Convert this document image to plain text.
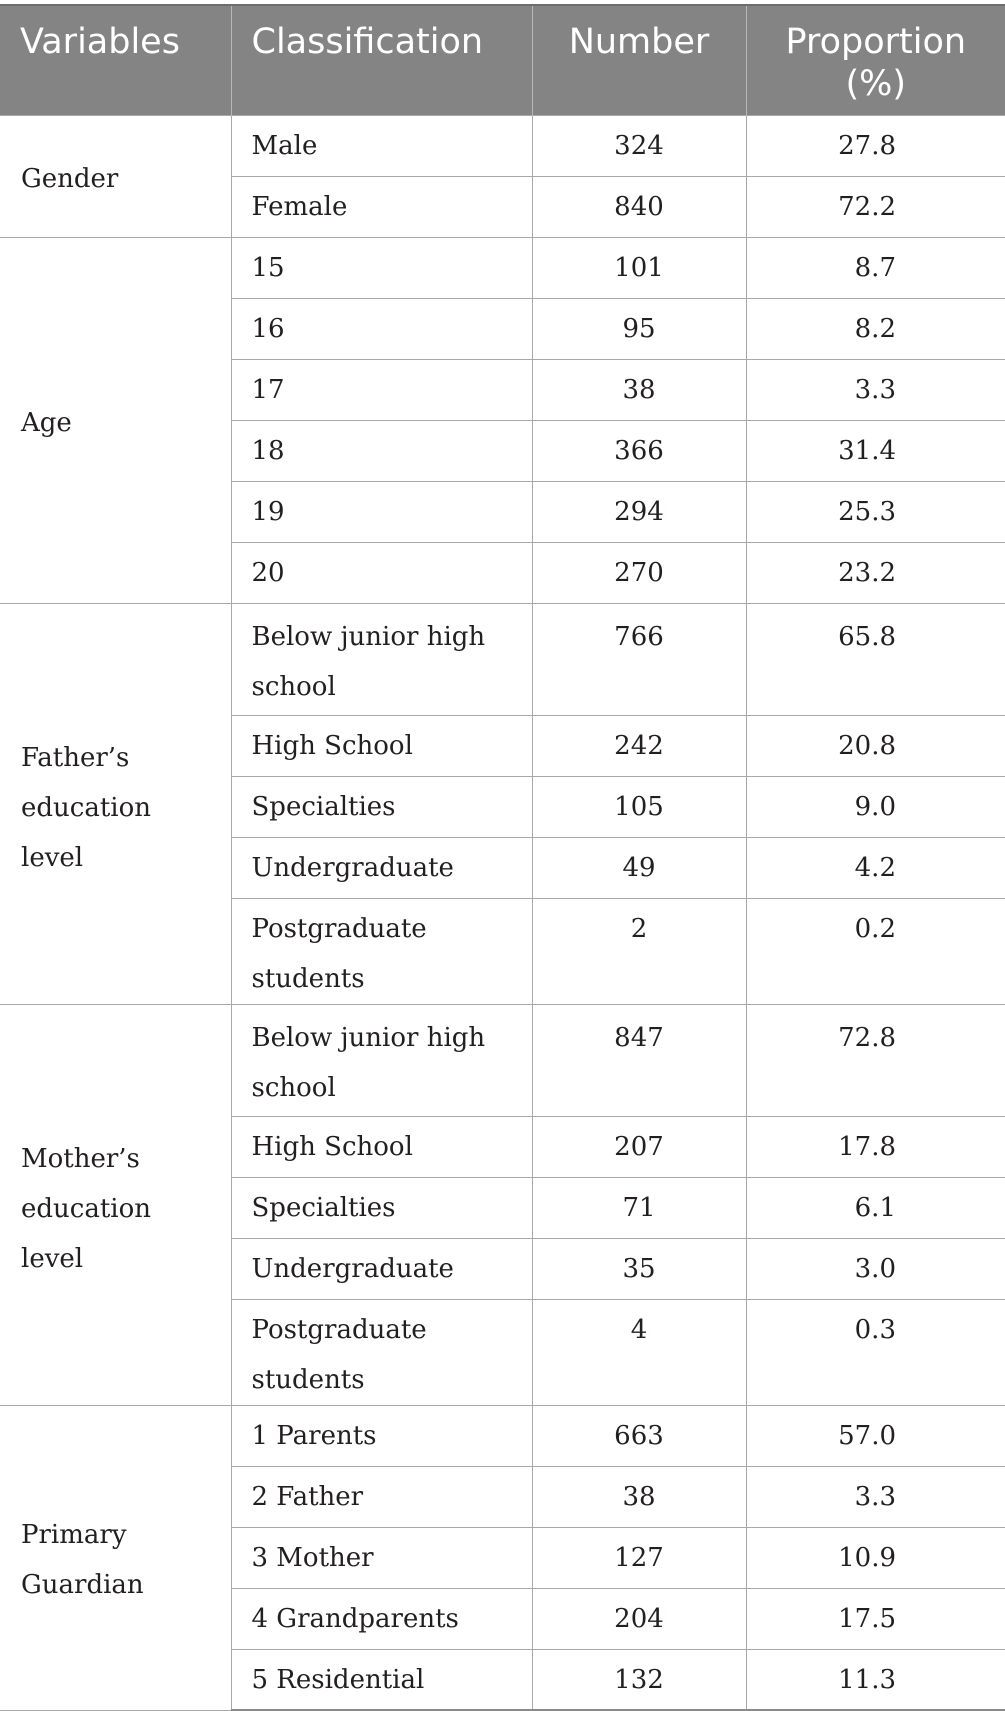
Variables	Classification	Number	Proportion (%)
Gender	Male	324	27.8
	Female	840	72.2
Age	15	101	8.7
	16	95	8.2
	17	38	3.3
	18	366	31.4
	19	294	25.3
	20	270	23.2
Father’s education level	Below junior high school	766	65.8
	High School	242	20.8
	Specialties	105	9.0
	Undergraduate	49	4.2
	Postgraduate students	2	0.2
Mother’s education level	Below junior high school	847	72.8
	High School	207	17.8
	Specialties	71	6.1
	Undergraduate	35	3.0
	Postgraduate students	4	0.3
Primary Guardian	1 Parents	663	57.0
	2 Father	38	3.3
	3 Mother	127	10.9
	4 Grandparents	204	17.5
	5 Residential	132	11.3
